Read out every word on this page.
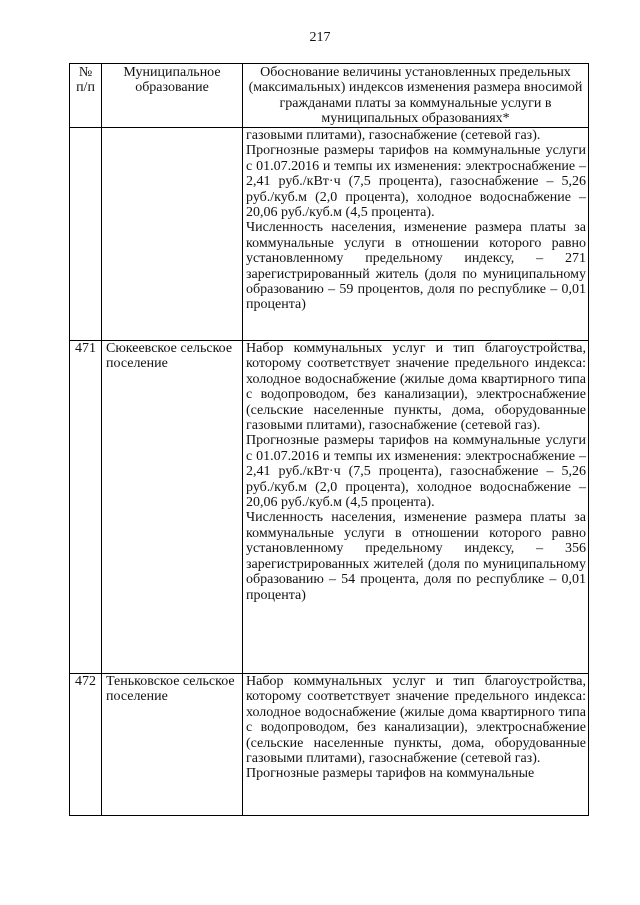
217
№ п/п	Муниципальное образование	Обоснование величины установленных предельных (максимальных) индексов изменения размера вносимой гражданами платы за коммунальные услуги в муниципальных образованиях*

		газовыми плитами), газоснабжение (сетевой газ).

Прогнозные размеры тарифов на коммунальные услуги с 01.07.2016 и темпы их изменения: электроснабжение – 2,41 руб./кВт·ч (7,5 процента), газоснабжение – 5,26 руб./куб.м (2,0 процента), холодное водоснабжение – 20,06 руб./куб.м (4,5 процента).

Численность населения, изменение размера платы за коммунальные услуги в отношении которого равно установленному предельному индексу, – 271 зарегистрированный житель (доля по муниципальному образованию – 59 процентов, доля по республике – 0,01 процента)

471	Сюкеевское сельское поселение	Набор коммунальных услуг и тип благоустройства, которому соответствует значение предельного индекса: холодное водоснабжение (жилые дома квартирного типа с водопроводом, без канализации), электроснабжение (сельские населенные пункты, дома, оборудованные газовыми плитами), газоснабжение (сетевой газ).

Прогнозные размеры тарифов на коммунальные услуги с 01.07.2016 и темпы их изменения: электроснабжение – 2,41 руб./кВт·ч (7,5 процента), газоснабжение – 5,26 руб./куб.м (2,0 процента), холодное водоснабжение – 20,06 руб./куб.м (4,5 процента).

Численность населения, изменение размера платы за коммунальные услуги в отношении которого равно установленному предельному индексу, – 356 зарегистрированных жителей (доля по муниципальному образованию – 54 процента, доля по республике – 0,01 процента)

472	Теньковское сельское поселение	Набор коммунальных услуг и тип благоустройства, которому соответствует значение предельного индекса: холодное водоснабжение (жилые дома квартирного типа с водопроводом, без канализации), электроснабжение (сельские населенные пункты, дома, оборудованные газовыми плитами), газоснабжение (сетевой газ).

Прогнозные размеры тарифов на коммунальные
